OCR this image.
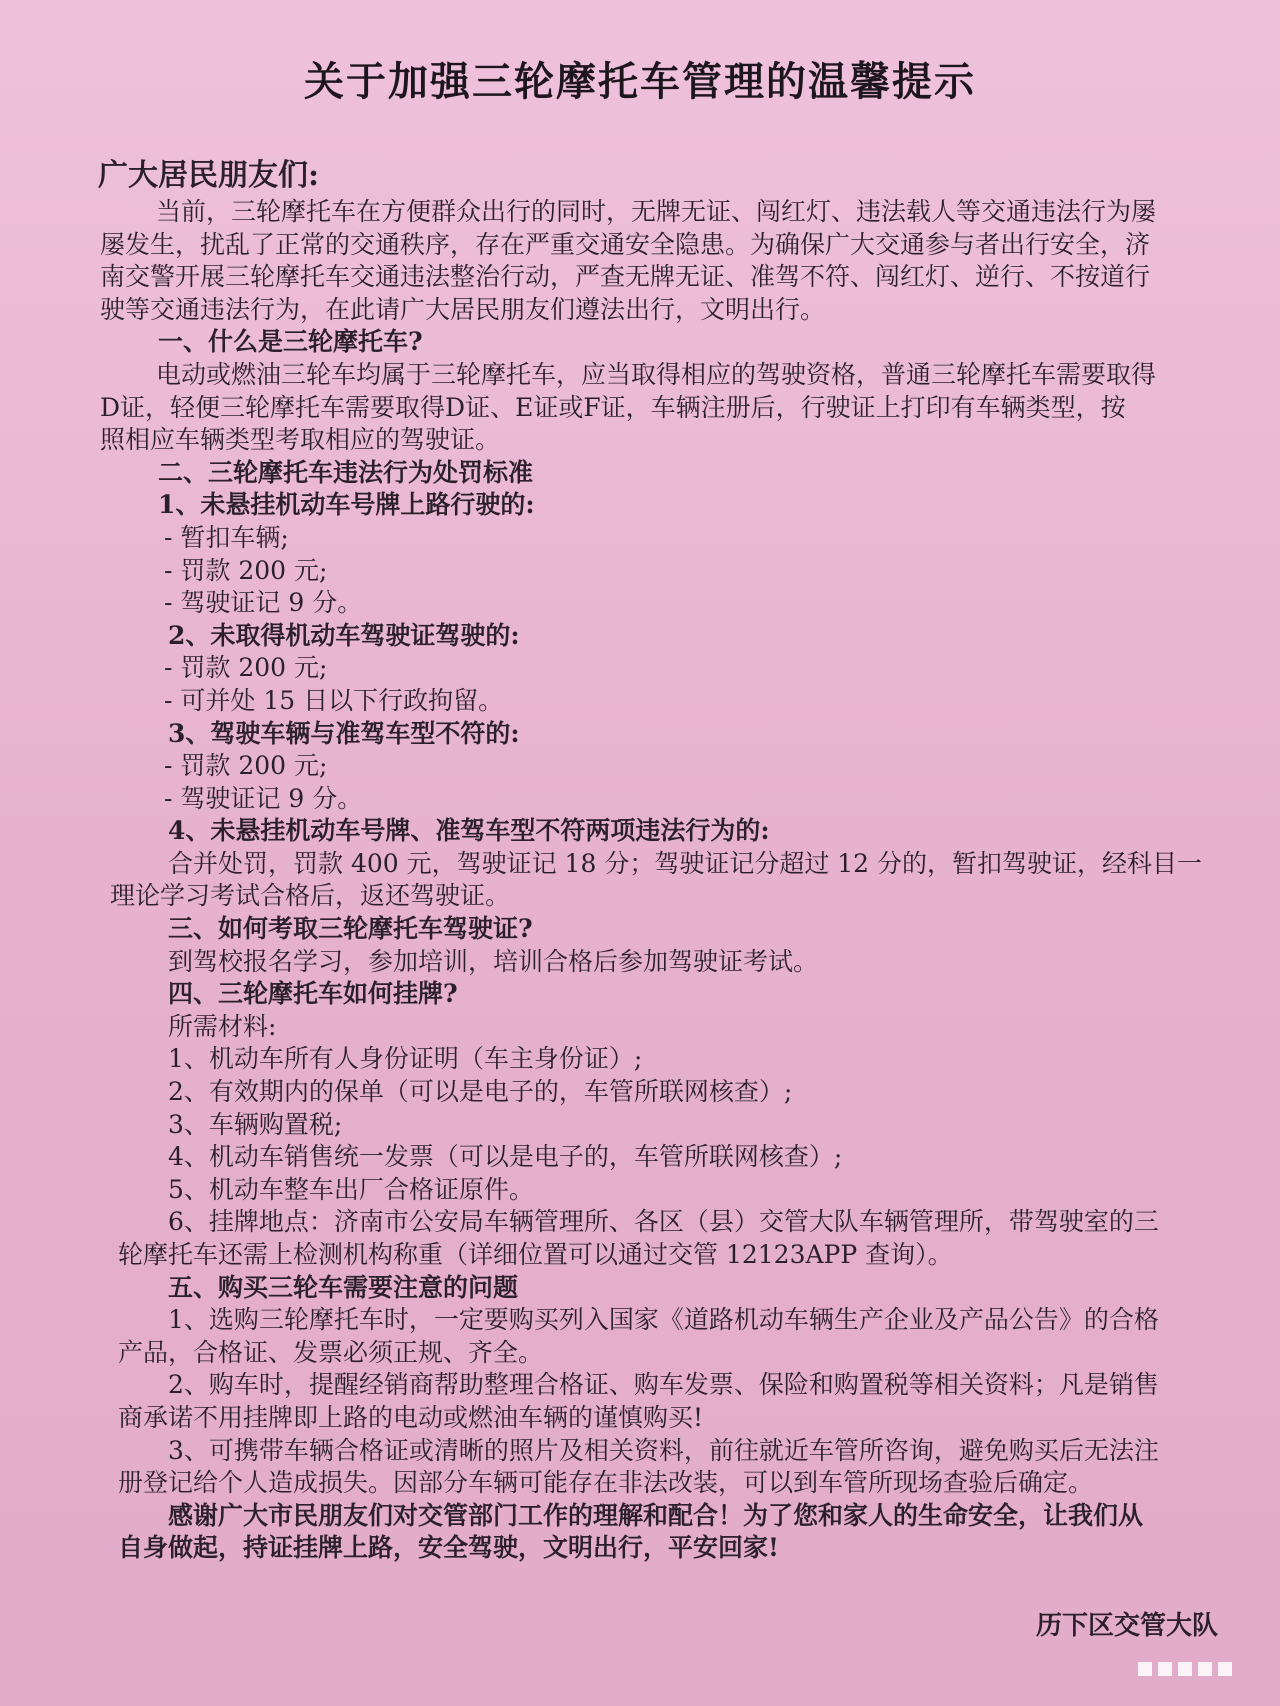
关于加强三轮摩托车管理的温馨提示
广大居民朋友们:
当前，三轮摩托车在方便群众出行的同时，无牌无证、闯红灯、违法载人等交通违法行为屡
屡发生，扰乱了正常的交通秩序，存在严重交通安全隐患。为确保广大交通参与者出行安全，济
南交警开展三轮摩托车交通违法整治行动，严查无牌无证、准驾不符、闯红灯、逆行、不按道行
驶等交通违法行为，在此请广大居民朋友们遵法出行，文明出行。
一、什么是三轮摩托车?
电动或燃油三轮车均属于三轮摩托车，应当取得相应的驾驶资格，普通三轮摩托车需要取得
D证，轻便三轮摩托车需要取得D证、E证或F证，车辆注册后，行驶证上打印有车辆类型，按
照相应车辆类型考取相应的驾驶证。
二、三轮摩托车违法行为处罚标准
1、未悬挂机动车号牌上路行驶的:
- 暂扣车辆;
- 罚款 200 元;
- 驾驶证记 9 分。
2、未取得机动车驾驶证驾驶的:
- 罚款 200 元;
- 可并处 15 日以下行政拘留。
3、驾驶车辆与准驾车型不符的:
- 罚款 200 元;
- 驾驶证记 9 分。
4、未悬挂机动车号牌、准驾车型不符两项违法行为的:
合并处罚，罚款 400 元，驾驶证记 18 分；驾驶证记分超过 12 分的，暂扣驾驶证，经科目一
理论学习考试合格后，返还驾驶证。
三、如何考取三轮摩托车驾驶证?
到驾校报名学习，参加培训，培训合格后参加驾驶证考试。
四、三轮摩托车如何挂牌?
所需材料:
1、机动车所有人身份证明（车主身份证）;
2、有效期内的保单（可以是电子的，车管所联网核查）;
3、车辆购置税;
4、机动车销售统一发票（可以是电子的，车管所联网核查）;
5、机动车整车出厂合格证原件。
6、挂牌地点：济南市公安局车辆管理所、各区（县）交管大队车辆管理所，带驾驶室的三
轮摩托车还需上检测机构称重（详细位置可以通过交管 12123APP 查询）。
五、购买三轮车需要注意的问题
1、选购三轮摩托车时，一定要购买列入国家《道路机动车辆生产企业及产品公告》的合格
产品，合格证、发票必须正规、齐全。
2、购车时，提醒经销商帮助整理合格证、购车发票、保险和购置税等相关资料；凡是销售
商承诺不用挂牌即上路的电动或燃油车辆的谨慎购买!
3、可携带车辆合格证或清晰的照片及相关资料，前往就近车管所咨询，避免购买后无法注
册登记给个人造成损失。因部分车辆可能存在非法改装，可以到车管所现场查验后确定。
感谢广大市民朋友们对交管部门工作的理解和配合！为了您和家人的生命安全，让我们从
自身做起，持证挂牌上路，安全驾驶，文明出行，平安回家!
历下区交管大队
